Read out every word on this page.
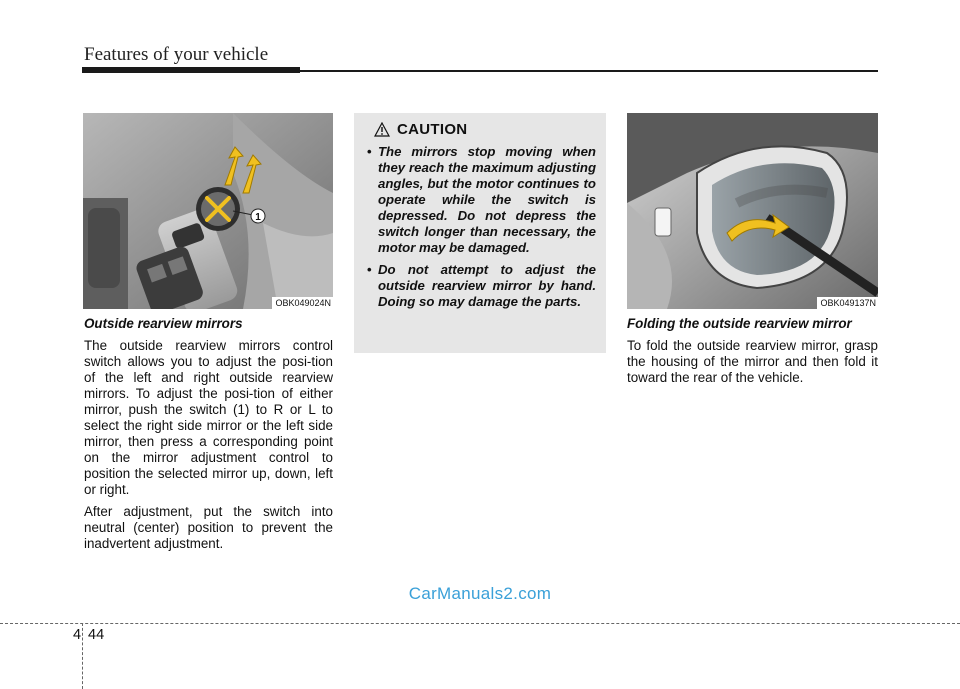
Features of your vehicle
1
OBK049024N

Outside rearview mirrors

The outside rearview mirrors control switch allows you to adjust the posi-tion of the left and right outside rearview mirrors. To adjust the posi-tion of either mirror, push the switch (1) to R or L to select the right side mirror or the left side mirror, then press a corresponding point on the mirror adjustment control to position the selected mirror up, down, left or right.

After adjustment, put the switch into neutral (center) position to prevent the inadvertent adjustment.

CAUTION
• The mirrors stop moving when they reach the maximum adjusting angles, but the motor continues to operate while the switch is depressed. Do not depress the switch longer than necessary, the motor may be damaged.
• Do not attempt to adjust the outside rearview mirror by hand. Doing so may damage the parts.	OBK049137N

Folding the outside rearview mirror

To fold the outside rearview mirror, grasp the housing of the mirror and then fold it toward the rear of the vehicle.

CarManuals2.com
4 44
